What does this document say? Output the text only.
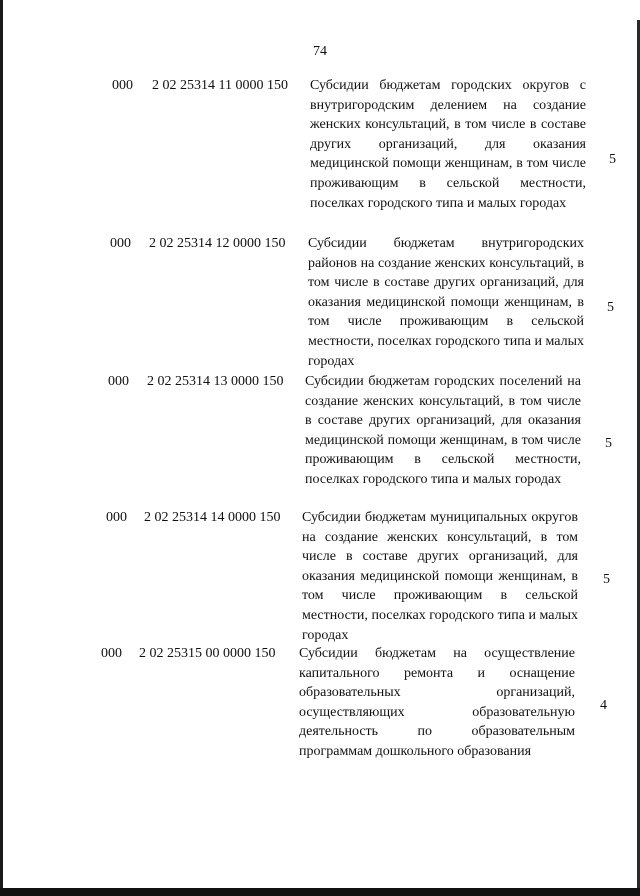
74
000 2 02 25314 11 0000 150 Субсидии бюджетам городских округов с внутригородским делением на создание женских консультаций, в том числе в составе других организаций, для оказания медицинской помощи женщинам, в том числе проживающим в сельской местности, поселках городского типа и малых городах
5
000 2 02 25314 12 0000 150 Субсидии бюджетам внутригородских районов на создание женских консультаций, в том числе в составе других организаций, для оказания медицинской помощи женщинам, в том числе проживающим в сельской местности, поселках городского типа и малых городах
5
000 2 02 25314 13 0000 150 Субсидии бюджетам городских поселений на создание женских консультаций, в том числе в составе других организаций, для оказания медицинской помощи женщинам, в том числе проживающим в сельской местности, поселках городского типа и малых городах
5
000 2 02 25314 14 0000 150 Субсидии бюджетам муниципальных округов на создание женских консультаций, в том числе в составе других организаций, для оказания медицинской помощи женщинам, в том числе проживающим в сельской местности, поселках городского типа и малых городах
5
000 2 02 25315 00 0000 150 Субсидии бюджетам на осуществление капитального ремонта и оснащение образовательных организаций, осуществляющих образовательную деятельность по образовательным программам дошкольного образования
4
